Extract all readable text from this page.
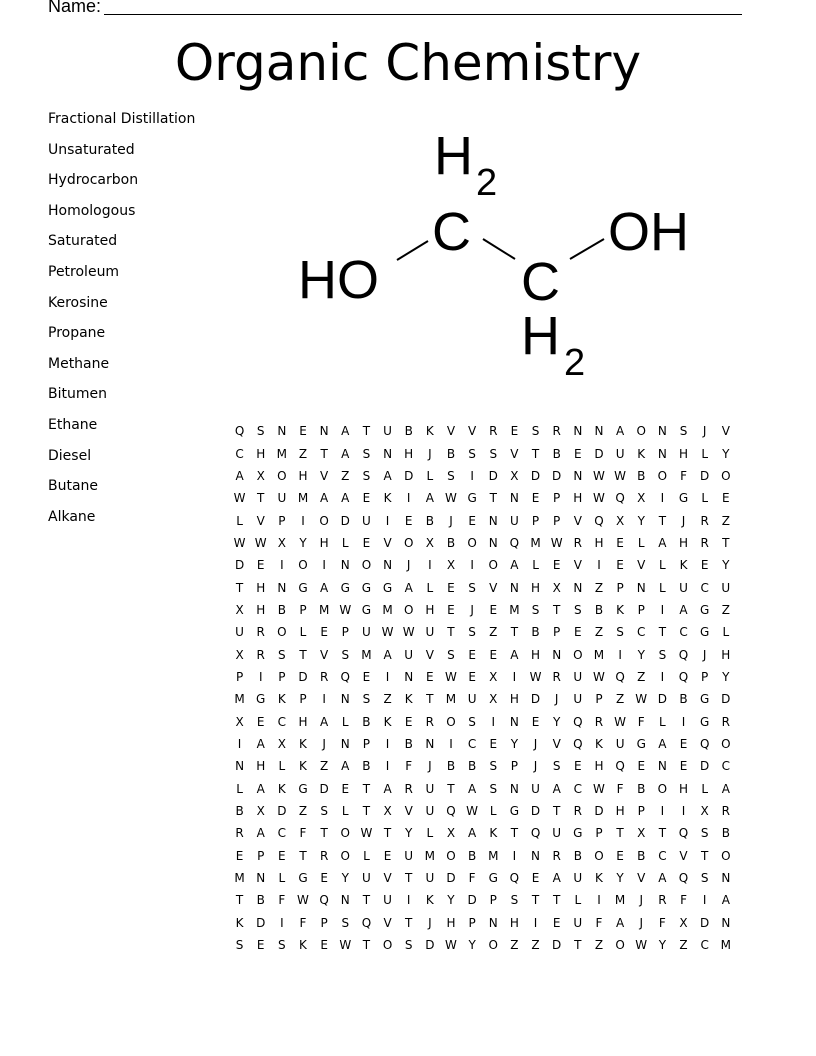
Name:
Organic Chemistry
Fractional Distillation
Unsaturated
Hydrocarbon
Homologous
Saturated
Petroleum
Kerosine
Propane
Methane
Bitumen
Ethane
Diesel
Butane
Alkane
H 2
C	OH
HO	C
H 2
Q	S	N	E	N	A	T	U	B	K	V	V	R	E	S	R	N	N	A	O	N	S	J	V
C	H	M	Z	T	A	S	N	H	J	B	S	S	V	T	B	E	D	U	K	N	H	L	Y
A	X	O	H	V	Z	S	A	D	L	S	I	D	X	D	D	N	W	W	B	O	F	D	O
W	T	U	M	A	A	E	K	I	A	W	G	T	N	E	P	H	W	Q	X	I	G	L	E
L	V	P	I	O	D	U	I	E	B	J	E	N	U	P	P	V	Q	X	Y	T	J	R	Z
W	W	X	Y	H	L	E	V	O	X	B	O	N	Q	M	W	R	H	E	L	A	H	R	T
D	E	I	O	I	N	O	N	J	I	X	I	O	A	L	E	V	I	E	V	L	K	E	Y
T	H	N	G	A	G	G	G	A	L	E	S	V	N	H	X	N	Z	P	N	L	U	C	U
X	H	B	P	M	W	G	M	O	H	E	J	E	M	S	T	S	B	K	P	I	A	G	Z
U	R	O	L	E	P	U	W	W	U	T	S	Z	T	B	P	E	Z	S	C	T	C	G	L
X	R	S	T	V	S	M	A	U	V	S	E	E	A	H	N	O	M	I	Y	S	Q	J	H
P	I	P	D	R	Q	E	I	N	E	W	E	X	I	W	R	U	W	Q	Z	I	Q	P	Y
M	G	K	P	I	N	S	Z	K	T	M	U	X	H	D	J	U	P	Z	W	D	B	G	D
X	E	C	H	A	L	B	K	E	R	O	S	I	N	E	Y	Q	R	W	F	L	I	G	R
I	A	X	K	J	N	P	I	B	N	I	C	E	Y	J	V	Q	K	U	G	A	E	Q	O
N	H	L	K	Z	A	B	I	F	J	B	B	S	P	J	S	E	H	Q	E	N	E	D	C
L	A	K	G	D	E	T	A	R	U	T	A	S	N	U	A	C	W	F	B	O	H	L	A
B	X	D	Z	S	L	T	X	V	U	Q	W	L	G	D	T	R	D	H	P	I	I	X	R
R	A	C	F	T	O	W	T	Y	L	X	A	K	T	Q	U	G	P	T	X	T	Q	S	B
E	P	E	T	R	O	L	E	U	M	O	B	M	I	N	R	B	O	E	B	C	V	T	O
M	N	L	G	E	Y	U	V	T	U	D	F	G	Q	E	A	U	K	Y	V	A	Q	S	N
T	B	F	W	Q	N	T	U	I	K	Y	D	P	S	T	T	L	I	M	J	R	F	I	A
K	D	I	F	P	S	Q	V	T	J	H	P	N	H	I	E	U	F	A	J	F	X	D	N
S	E	S	K	E	W	T	O	S	D	W	Y	O	Z	Z	D	T	Z	O	W	Y	Z	C	M
